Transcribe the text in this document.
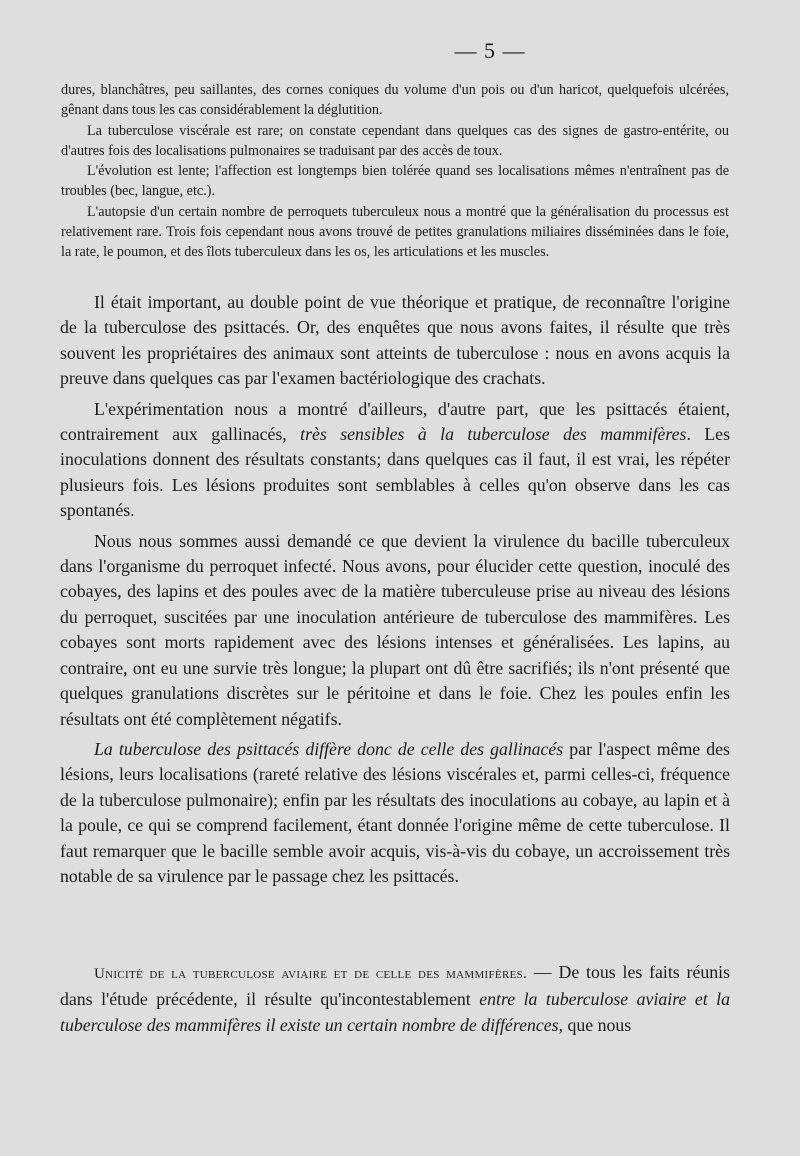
— 5 —

dures, blanchâtres, peu saillantes, des cornes coniques du volume d'un pois ou d'un haricot, quelquefois ulcérées, gênant dans tous les cas considérablement la déglutition.

La tuberculose viscérale est rare; on constate cependant dans quelques cas des signes de gastro-entérite, ou d'autres fois des localisations pulmonaires se traduisant par des accès de toux.

L'évolution est lente; l'affection est longtemps bien tolérée quand ses localisations mêmes n'entraînent pas de troubles (bec, langue, etc.).

L'autopsie d'un certain nombre de perroquets tuberculeux nous a montré que la généralisation du processus est relativement rare. Trois fois cependant nous avons trouvé de petites granulations miliaires disséminées dans le foie, la rate, le poumon, et des îlots tuberculeux dans les os, les articulations et les muscles.

Il était important, au double point de vue théorique et pratique, de reconnaître l'origine de la tuberculose des psittacés. Or, des enquêtes que nous avons faites, il résulte que très souvent les propriétaires des animaux sont atteints de tuberculose : nous en avons acquis la preuve dans quelques cas par l'examen bactériologique des crachats.

L'expérimentation nous a montré d'ailleurs, d'autre part, que les psittacés étaient, contrairement aux gallinacés, très sensibles à la tuberculose des mammifères. Les inoculations donnent des résultats constants; dans quelques cas il faut, il est vrai, les répéter plusieurs fois. Les lésions produites sont semblables à celles qu'on observe dans les cas spontanés.

Nous nous sommes aussi demandé ce que devient la virulence du bacille tuberculeux dans l'organisme du perroquet infecté. Nous avons, pour élucider cette question, inoculé des cobayes, des lapins et des poules avec de la matière tuberculeuse prise au niveau des lésions du perroquet, suscitées par une inoculation antérieure de tuberculose des mammifères. Les cobayes sont morts rapidement avec des lésions intenses et généralisées. Les lapins, au contraire, ont eu une survie très longue; la plupart ont dû être sacrifiés; ils n'ont présenté que quelques granulations discrètes sur le péritoine et dans le foie. Chez les poules enfin les résultats ont été complètement négatifs.

La tuberculose des psittacés diffère donc de celle des gallinacés par l'aspect même des lésions, leurs localisations (rareté relative des lésions viscérales et, parmi celles-ci, fréquence de la tuberculose pulmonaire); enfin par les résultats des inoculations au cobaye, au lapin et à la poule, ce qui se comprend facilement, étant donnée l'origine même de cette tuberculose. Il faut remarquer que le bacille semble avoir acquis, vis-à-vis du cobaye, un accroissement très notable de sa virulence par le passage chez les psittacés.

Unicité de la tuberculose aviaire et de celle des mammifères. — De tous les faits réunis dans l'étude précédente, il résulte qu'incontestablement entre la tuberculose aviaire et la tuberculose des mammifères il existe un certain nombre de différences, que nous
